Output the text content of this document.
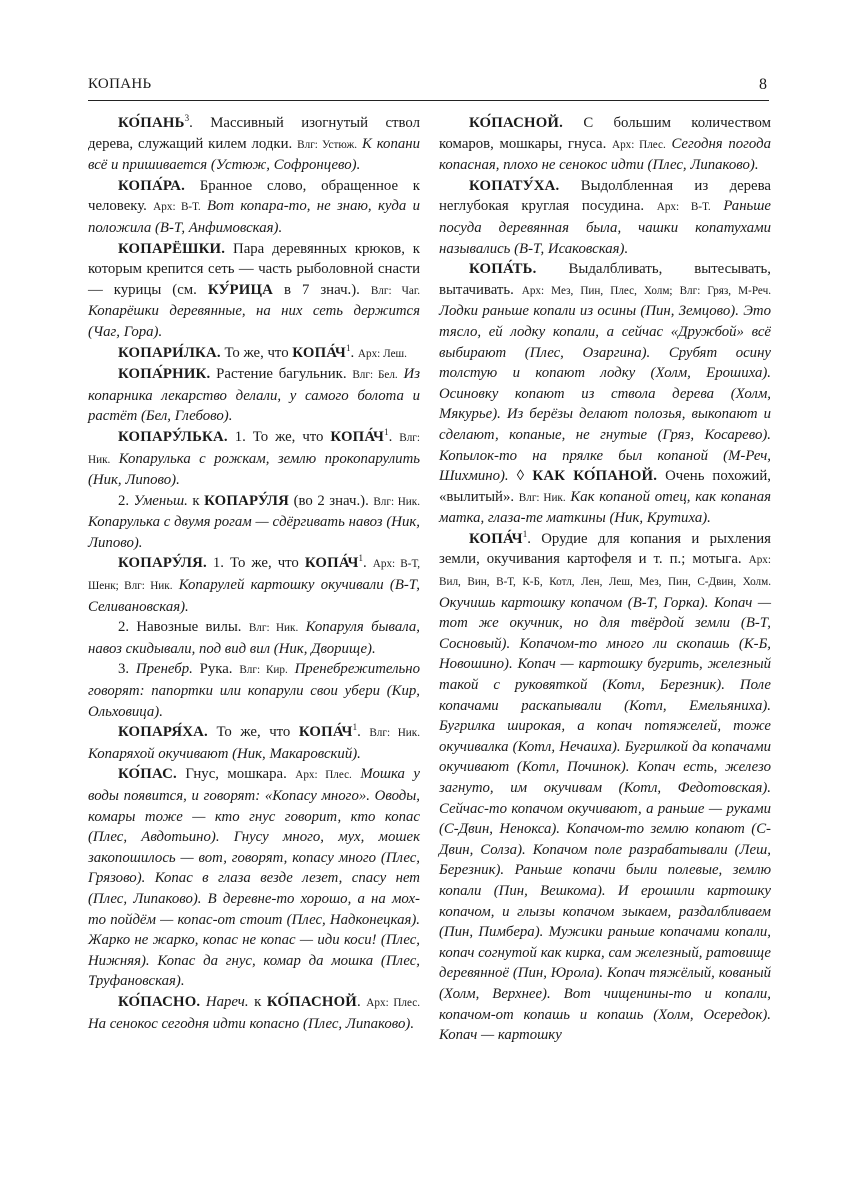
КОПАНЬ	8

КО́ПАНЬ$^3$. Массивный изогнутый ствол дерева, служащий килем лодки. Влг: Устюж. К копани всё и пришивается (Устюж, Софронцево).

КОПА́РА. Бранное слово, обращенное к человеку. Арх: В-Т. Вот копара-то, не знаю, куда и положила (В-Т, Анфимовская).

КОПАРЁШКИ. Пара деревянных крюков, к которым крепится сеть — часть рыболовной снасти — курицы (см. КУ́РИЦА в 7 знач.). Влг: Чаг. Копарёшки деревянные, на них сеть держится (Чаг, Гора).

КОПАРИ́ЛКА. То же, что $КОПА́Ч^1$. Арх: Леш.

КОПА́РНИК. Растение багульник. Влг: Бел. Из копарника лекарство делали, у самого болота и растёт (Бел, Глебово).

КОПАРУ́ЛЬКА. 1. То же, что $КОПА́Ч^1$. Влг: Ник. Копарулька с рожкам, землю прокопарулить (Ник, Липово).

2. Уменьш. к КОПАРУ́ЛЯ (во 2 знач.). Влг: Ник. Копарулька с двумя рогам — сдёргивать навоз (Ник, Липово).

КОПАРУ́ЛЯ. 1. То же, что $КОПА́Ч^1$. Арх: В-Т, Шенк; Влг: Ник. Копарулей картошку окучивали (В-Т, Селивановская).

2. Навозные вилы. Влг: Ник. Копаруля бывала, навоз скидывали, под вид вил (Ник, Дворище).

3. Пренебр. Рука. Влг: Кир. Пренебрежительно говорят: папортки или копарули свои убери (Кир, Ольховица).

КОПАРЯ́ХА. То же, что $КОПА́Ч^1$. Влг: Ник. Копаряхой окучивают (Ник, Макаровский).

КО́ПАС. Гнус, мошкара. Арх: Плес. Мошка у воды появится, и говорят: «Копасу много». Оводы, комары тоже — кто гнус говорит, кто копас (Плес, Авдотьино). Гнусу много, мух, мошек закопошилось — вот, говорят, копасу много (Плес, Грязово). Копас в глаза везде лезет, спасу нет (Плес, Липаково). В деревне-то хорошо, а на мох-то пойдём — копас-от стоит (Плес, Надконецкая). Жарко не жарко, копас не копас — иди коси! (Плес, Нижняя). Копас да гнус, комар да мошка (Плес, Труфановская).

КО́ПАСНО. Нареч. к КО́ПАСНОЙ. Арх: Плес. На сенокос сегодня идти копасно (Плес, Липаково).

КО́ПАСНОЙ. С большим количеством комаров, мошкары, гнуса. Арх: Плес. Сегодня погода копасная, плохо не сенокос идти (Плес, Липаково).

КОПАТУ́ХА. Выдолбленная из дерева неглубокая круглая посудина. Арх: В-Т. Раньше посуда деревянная была, чашки копатухами назывались (В-Т, Исаковская).

КОПА́ТЬ. Выдалбливать, вытесывать, вытачивать. Арх: Мез, Пин, Плес, Холм; Влг: Гряз, М-Реч. Лодки раньше копали из осины (Пин, Земцово). Это тясло, ей лодку копали, а сейчас «Дружбой» всё выбирают (Плес, Озаргина). Срубят осину толстую и копают лодку (Холм, Ерошиха). Осиновку копают из ствола дерева (Холм, Мякурье). Из берёзы делают полозья, выкопают и сделают, копаные, не гнутые (Гряз, Косарево). Копылок-то на прялке был копаной (М-Реч, Шихмино). ◊ КАК КО́ПАНОЙ. Очень похожий, «вылитый». Влг: Ник. Как копаной отец, как копаная матка, глаза-те маткины (Ник, Крутиха).

$КОПА́Ч^1$. Орудие для копания и рыхления земли, окучивания картофеля и т. п.; мотыга. Арх: Вил, Вин, В-Т, К-Б, Котл, Лен, Леш, Мез, Пин, С-Двин, Холм. Окучишь картошку копачом (В-Т, Горка). Копач — тот же окучник, но для твёрдой земли (В-Т, Сосновый). Копачом-то много ли скопашь (К-Б, Новошино). Копач — картошку бугрить, железный такой с руковяткой (Котл, Березник). Поле копачами раскапывали (Котл, Емельяниха). Бугрилка широкая, а копач потяжелей, тоже окучивалка (Котл, Нечаиха). Бугрилкой да копачами окучивают (Котл, Починок). Копач есть, железо загнуто, им окучивам (Котл, Федотовская). Сейчас-то копачом окучивают, а раньше — руками (С-Двин, Ненокса). Копачом-то землю копают (С-Двин, Солза). Копачом поле разрабатывали (Леш, Березник). Раньше копачи были полевые, землю копали (Пин, Вешкома). И ерошили картошку копачом, и глызы копачом зыкаем, раздалбливаем (Пин, Пимбера). Мужики раньше копачами копали, копач согнутой как кирка, сам железный, ратовище деревянноё (Пин, Юрола). Копач тяжёлый, кованый (Холм, Верхнее). Вот чищенины-то и копали, копачом-от копашь и копашь (Холм, Осередок). Копач — картошку
